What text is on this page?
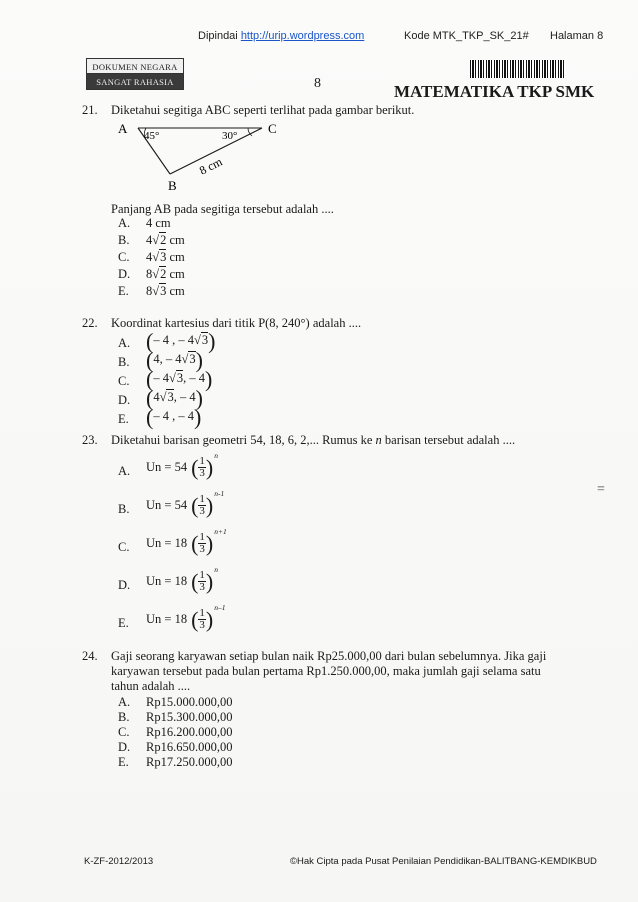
Dipindai http://urip.wordpress.com	Kode MTK_TKP_SK_21# Halaman 8
DOKUMEN NEGARA
SANGAT RAHASIA	8	MATEMATIKA TKP SMK
21. Diketahui segitiga ABC seperti terlihat pada gambar berikut.
A	C
B
45°	30°
8 cm
Panjang AB pada segitiga tersebut adalah ....
A. 4 cm
B. 4√2 cm
C. 4√3 cm
D. 8√2 cm
E. 8√3 cm
22. Koordinat kartesius dari titik P(8, 240°) adalah ....
A. (– 4 , – 4√3)
B. (4, – 4√3)
C. (– 4√3, – 4)
D. (4√3, – 4)
E. (– 4 , – 4)
23. Diketahui barisan geometri 54, 18, 6, 2,... Rumus ke n barisan tersebut adalah ....
A. Un = 54 ( $\frac{1}{3} )^n$
B. Un = 54 ( $\frac{1}{3} )^{n-1}$
C. Un = 18 ( $\frac{1}{3} )^{n+1}$
D. Un = 18 ( $\frac{1}{3} )^n$
E. Un = 18 ( $\frac{1}{3} )^{n-1}$
=
24. Gaji seorang karyawan setiap bulan naik Rp25.000,00 dari bulan sebelumnya. Jika gaji
karyawan tersebut pada bulan pertama Rp1.250.000,00, maka jumlah gaji selama satu
tahun adalah ....
A. Rp15.000.000,00
B. Rp15.300.000,00
C. Rp16.200.000,00
D. Rp16.650.000,00
E. Rp17.250.000,00
K-ZF-2012/2013	©Hak Cipta pada Pusat Penilaian Pendidikan-BALITBANG-KEMDIKBUD
